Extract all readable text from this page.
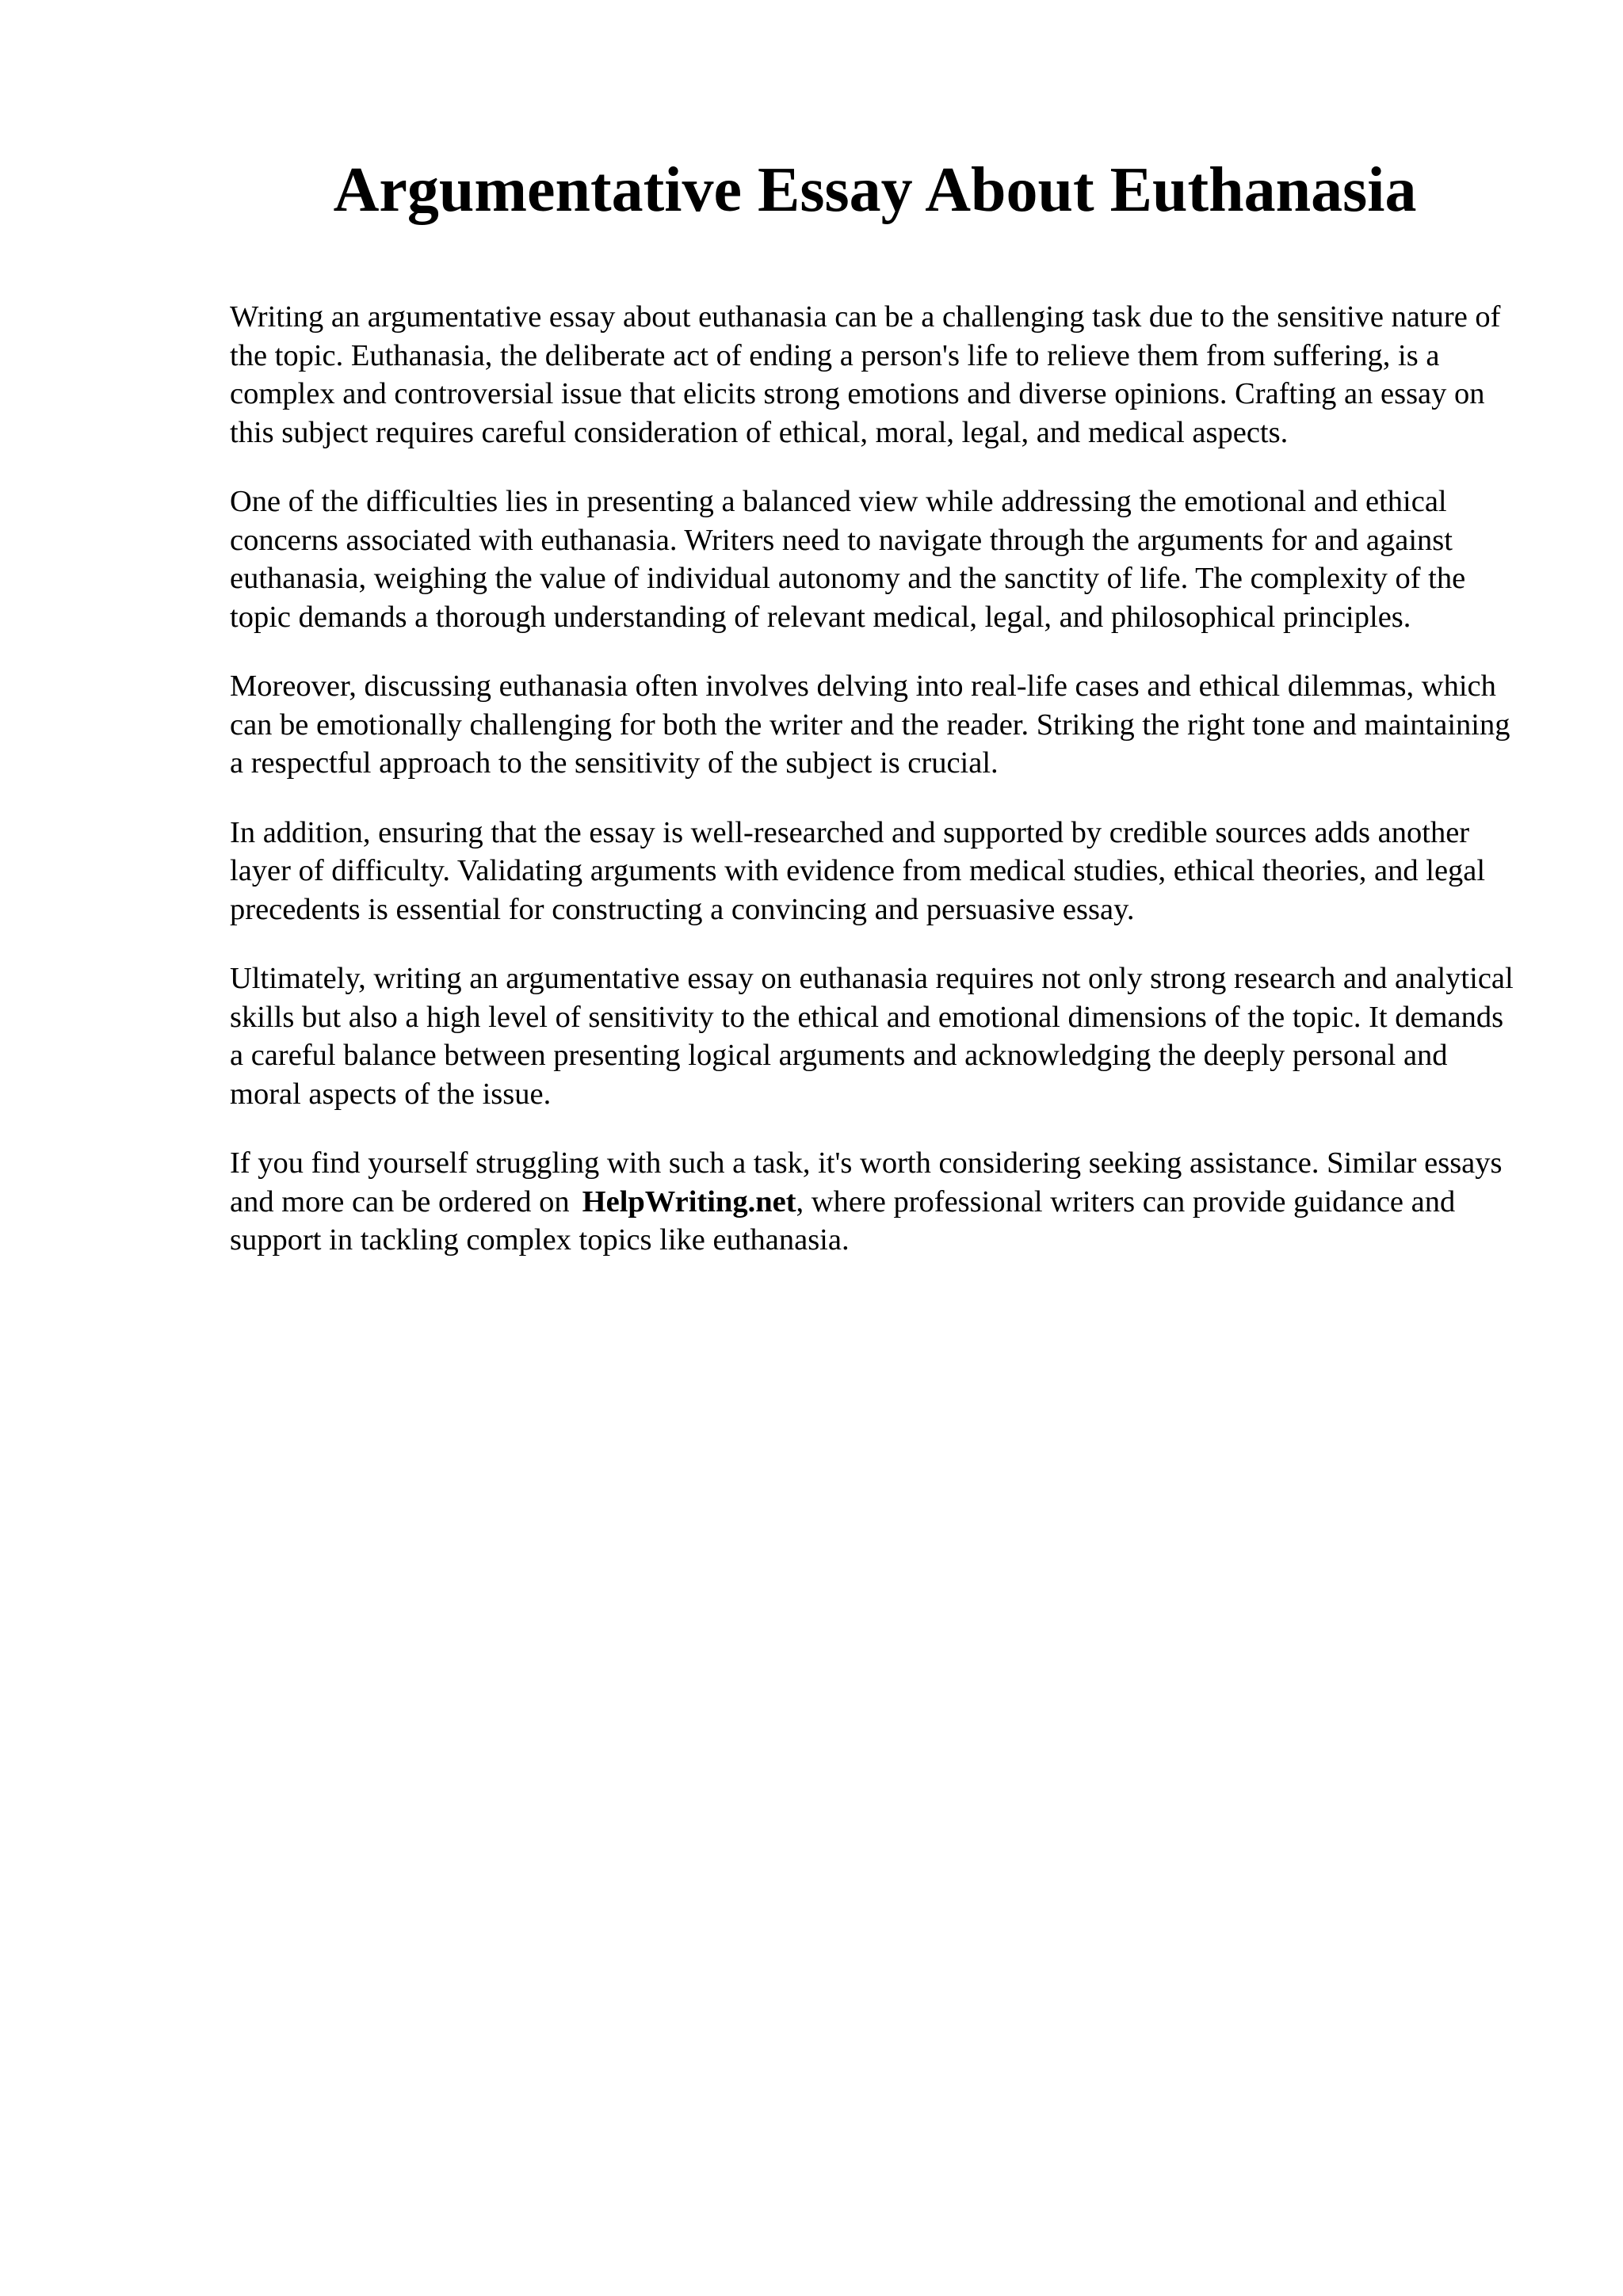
Argumentative Essay About Euthanasia

Writing an argumentative essay about euthanasia can be a challenging task due to the sensitive nature of the topic. Euthanasia, the deliberate act of ending a person's life to relieve them from suffering, is a complex and controversial issue that elicits strong emotions and diverse opinions. Crafting an essay on this subject requires careful consideration of ethical, moral, legal, and medical aspects.

One of the difficulties lies in presenting a balanced view while addressing the emotional and ethical concerns associated with euthanasia. Writers need to navigate through the arguments for and against euthanasia, weighing the value of individual autonomy and the sanctity of life. The complexity of the topic demands a thorough understanding of relevant medical, legal, and philosophical principles.

Moreover, discussing euthanasia often involves delving into real-life cases and ethical dilemmas, which can be emotionally challenging for both the writer and the reader. Striking the right tone and maintaining a respectful approach to the sensitivity of the subject is crucial.

In addition, ensuring that the essay is well-researched and supported by credible sources adds another layer of difficulty. Validating arguments with evidence from medical studies, ethical theories, and legal precedents is essential for constructing a convincing and persuasive essay.

Ultimately, writing an argumentative essay on euthanasia requires not only strong research and analytical skills but also a high level of sensitivity to the ethical and emotional dimensions of the topic. It demands a careful balance between presenting logical arguments and acknowledging the deeply personal and moral aspects of the issue.

If you find yourself struggling with such a task, it's worth considering seeking assistance. Similar essays and more can be ordered on HelpWriting.net, where professional writers can provide guidance and support in tackling complex topics like euthanasia.
